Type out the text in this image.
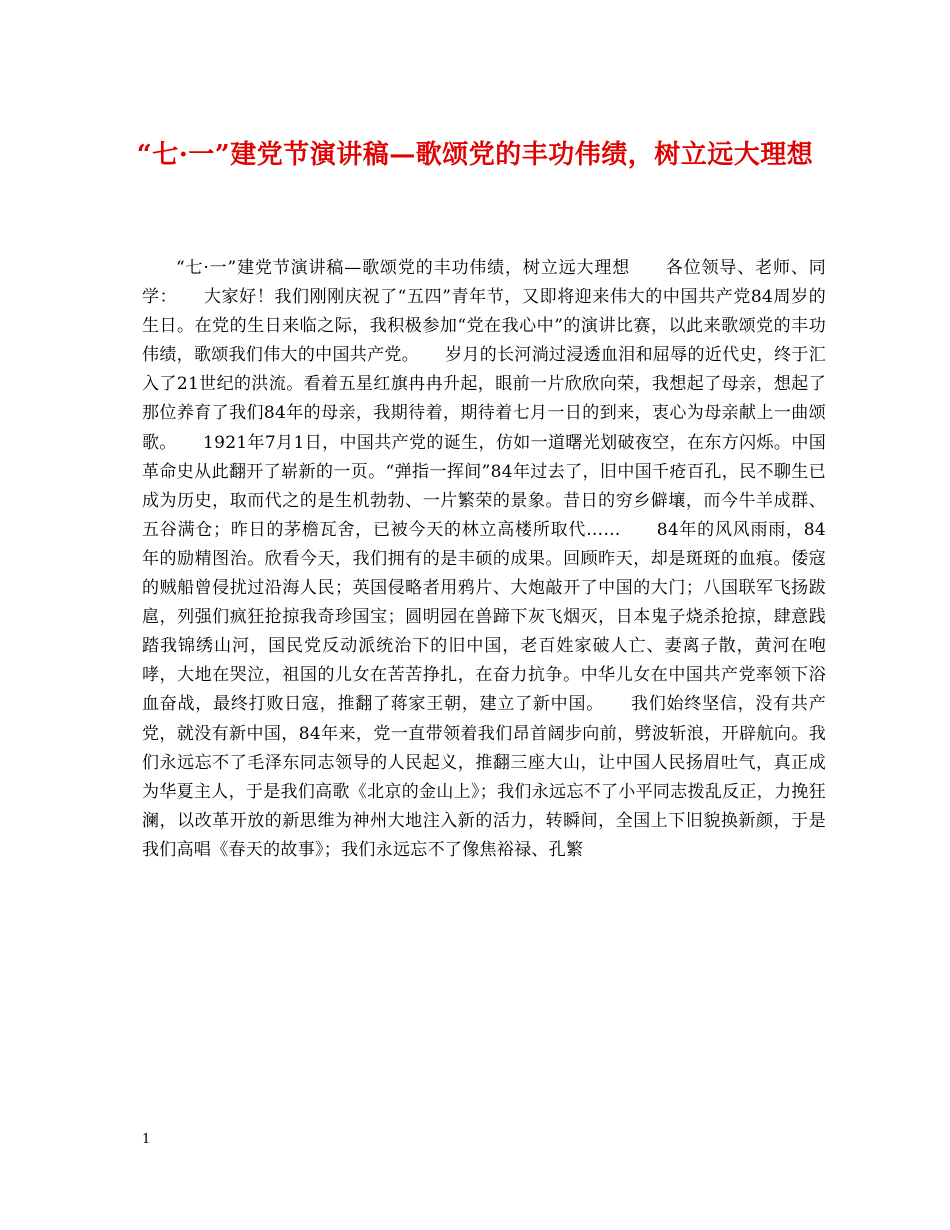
“七·一”建党节演讲稿—歌颂党的丰功伟绩，树立远大理想

“七·一”建党节演讲稿—歌颂党的丰功伟绩，树立远大理想　　各位领导、老师、同学：　　大家好！我们刚刚庆祝了“五四”青年节，又即将迎来伟大的中国共产党84周岁的生日。在党的生日来临之际，我积极参加“党在我心中”的演讲比赛，以此来歌颂党的丰功伟绩，歌颂我们伟大的中国共产党。　　岁月的长河淌过浸透血泪和屈辱的近代史，终于汇入了21世纪的洪流。看着五星红旗冉冉升起，眼前一片欣欣向荣，我想起了母亲，想起了那位养育了我们84年的母亲，我期待着，期待着七月一日的到来，衷心为母亲献上一曲颂歌。　　1921年7月1日，中国共产党的诞生，仿如一道曙光划破夜空，在东方闪烁。中国革命史从此翻开了崭新的一页。“弹指一挥间”84年过去了，旧中国千疮百孔，民不聊生已成为历史，取而代之的是生机勃勃、一片繁荣的景象。昔日的穷乡僻壤，而今牛羊成群、五谷满仓；昨日的茅檐瓦舍，已被今天的林立高楼所取代……　　84年的风风雨雨，84年的励精图治。欣看今天，我们拥有的是丰硕的成果。回顾昨天，却是斑斑的血痕。倭寇的贼船曾侵扰过沿海人民；英国侵略者用鸦片、大炮敲开了中国的大门；八国联军飞扬跋扈，列强们疯狂抢掠我奇珍国宝；圆明园在兽蹄下灰飞烟灭，日本鬼子烧杀抢掠，肆意践踏我锦绣山河，国民党反动派统治下的旧中国，老百姓家破人亡、妻离子散，黄河在咆哮，大地在哭泣，祖国的儿女在苦苦挣扎，在奋力抗争。中华儿女在中国共产党率领下浴血奋战，最终打败日寇，推翻了蒋家王朝，建立了新中国。　　我们始终坚信，没有共产党，就没有新中国，84年来，党一直带领着我们昂首阔步向前，劈波斩浪，开辟航向。我们永远忘不了毛泽东同志领导的人民起义，推翻三座大山，让中国人民扬眉吐气，真正成为华夏主人，于是我们高歌《北京的金山上》；我们永远忘不了小平同志拨乱反正，力挽狂澜，以改革开放的新思维为神州大地注入新的活力，转瞬间，全国上下旧貌换新颜，于是我们高唱《春天的故事》；我们永远忘不了像焦裕禄、孔繁

1
